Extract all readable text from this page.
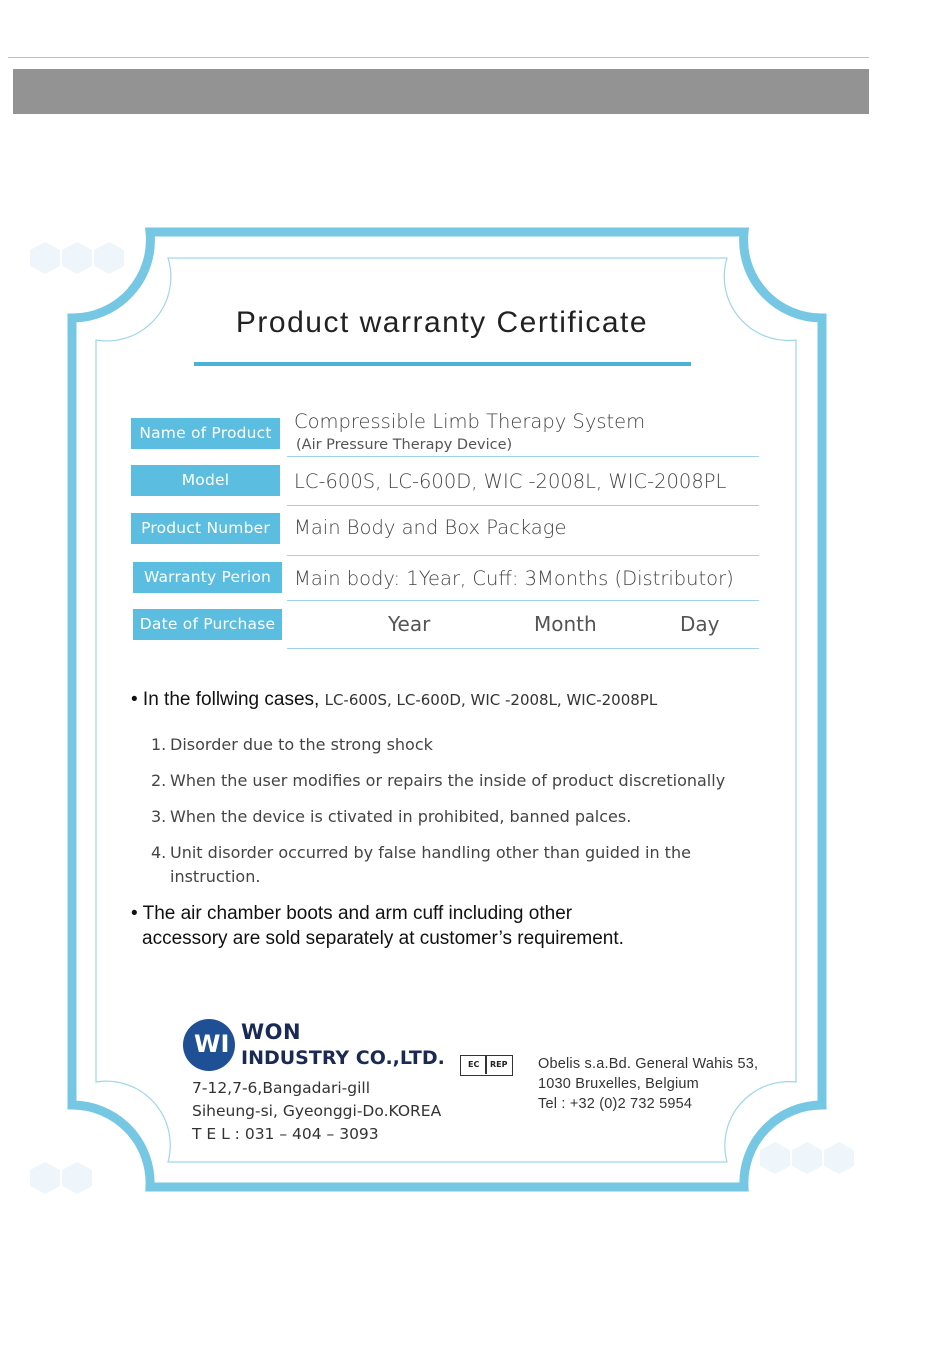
Product warranty Certificate
Name of Product	Compressible Limb Therapy System
(Air Pressure Therapy Device)
Model	LC-600S, LC-600D, WIC -2008L, WIC-2008PL
Product Number	Main Body and Box Package
Warranty Perion	Main body: 1Year, Cuff: 3Months (Distributor)
Date of Purchase	Year	Month	Day
• In the follwing cases, LC-600S, LC-600D, WIC -2008L, WIC-2008PL
1. Disorder due to the strong shock
2. When the user modifies or repairs the inside of product discretionally
3. When the device is ctivated in prohibited, banned palces.
4. Unit disorder occurred by false handling other than guided in the
instruction.
• The air chamber boots and arm cuff including other
accessory are sold separately at customer’s requirement.
WI WON
INDUSTRY CO.,LTD.
7-12,7-6,Bangadari-gill
Siheung-si, Gyeonggi-Do.KOREA
T E L : 031 – 404 – 3093
EC REP Obelis s.a.Bd. General Wahis 53,
1030 Bruxelles, Belgium
Tel : +32 (0)2 732 5954
